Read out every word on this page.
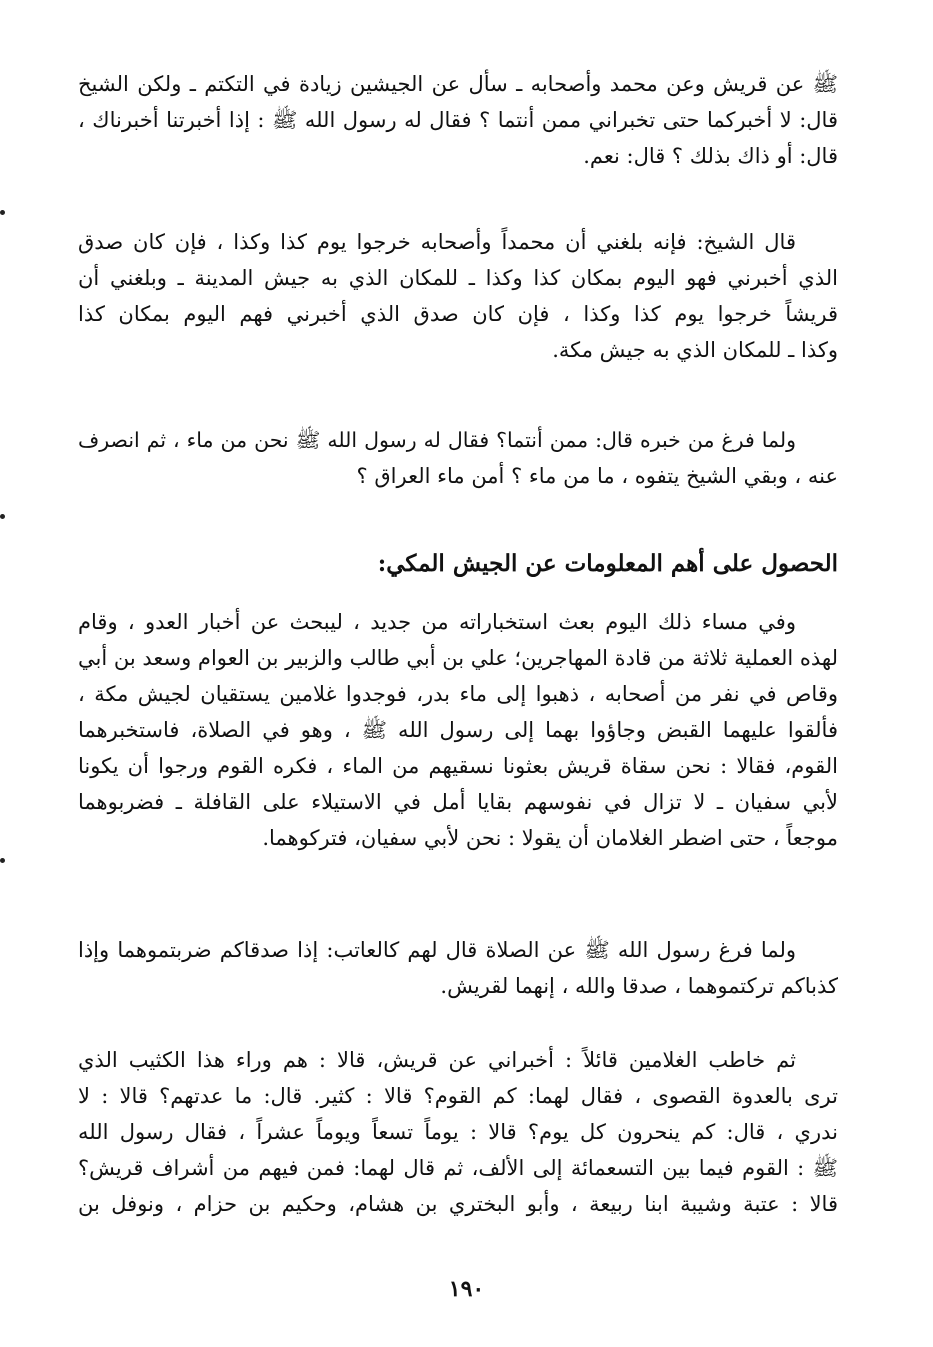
ﷺ عن قريش وعن محمد وأصحابه ـ سأل عن الجيشين زيادة في التكتم ـ ولكن الشيخ
قال: لا أخبركما حتى تخبراني ممن أنتما ؟ فقال له رسول الله ﷺ : إذا أخبرتنا أخبرناك ،
قال: أو ذاك بذلك ؟ قال: نعم.
قال الشيخ: فإنه بلغني أن محمداً وأصحابه خرجوا يوم كذا وكذا ، فإن كان صدق
الذي أخبرني فهو اليوم بمكان كذا وكذا ـ للمكان الذي به جيش المدينة ـ وبلغني أن
قريشاً خرجوا يوم كذا وكذا ، فإن كان صدق الذي أخبرني فهم اليوم بمكان كذا
وكذا ـ للمكان الذي به جيش مكة.
ولما فرغ من خبره قال: ممن أنتما؟ فقال له رسول الله ﷺ نحن من ماء ، ثم انصرف
عنه ، وبقي الشيخ يتفوه ، ما من ماء ؟ أمن ماء العراق ؟
الحصول على أهم المعلومات عن الجيش المكي:
وفي مساء ذلك اليوم بعث استخباراته من جديد ، ليبحث عن أخبار العدو ، وقام
لهذه العملية ثلاثة من قادة المهاجرين؛ علي بن أبي طالب والزبير بن العوام وسعد بن أبي
وقاص في نفر من أصحابه ، ذهبوا إلى ماء بدر، فوجدوا غلامين يستقيان لجيش مكة ،
فألقوا عليهما القبض وجاؤوا بهما إلى رسول الله ﷺ ، وهو في الصلاة، فاستخبرهما
القوم، فقالا : نحن سقاة قريش بعثونا نسقيهم من الماء ، فكره القوم ورجوا أن يكونا
لأبي سفيان ـ لا تزال في نفوسهم بقايا أمل في الاستيلاء على القافلة ـ فضربوهما
موجعاً ، حتى اضطر الغلامان أن يقولا : نحن لأبي سفيان، فتركوهما.
ولما فرغ رسول الله ﷺ عن الصلاة قال لهم كالعاتب: إذا صدقاكم ضربتموهما وإذا
كذباكم تركتموهما ، صدقا والله ، إنهما لقريش.
ثم خاطب الغلامين قائلاً : أخبراني عن قريش، قالا : هم وراء هذا الكثيب الذي
ترى بالعدوة القصوى ، فقال لهما: كم القوم؟ قالا : كثير. قال: ما عدتهم؟ قالا : لا
ندري ، قال: كم ينحرون كل يوم؟ قالا : يوماً تسعاً ويوماً عشراً ، فقال رسول الله
ﷺ : القوم فيما بين التسعمائة إلى الألف، ثم قال لهما: فمن فيهم من أشراف قريش؟
قالا : عتبة وشيبة ابنا ربيعة ، وأبو البختري بن هشام، وحكيم بن حزام ، ونوفل بن
١٩٠
